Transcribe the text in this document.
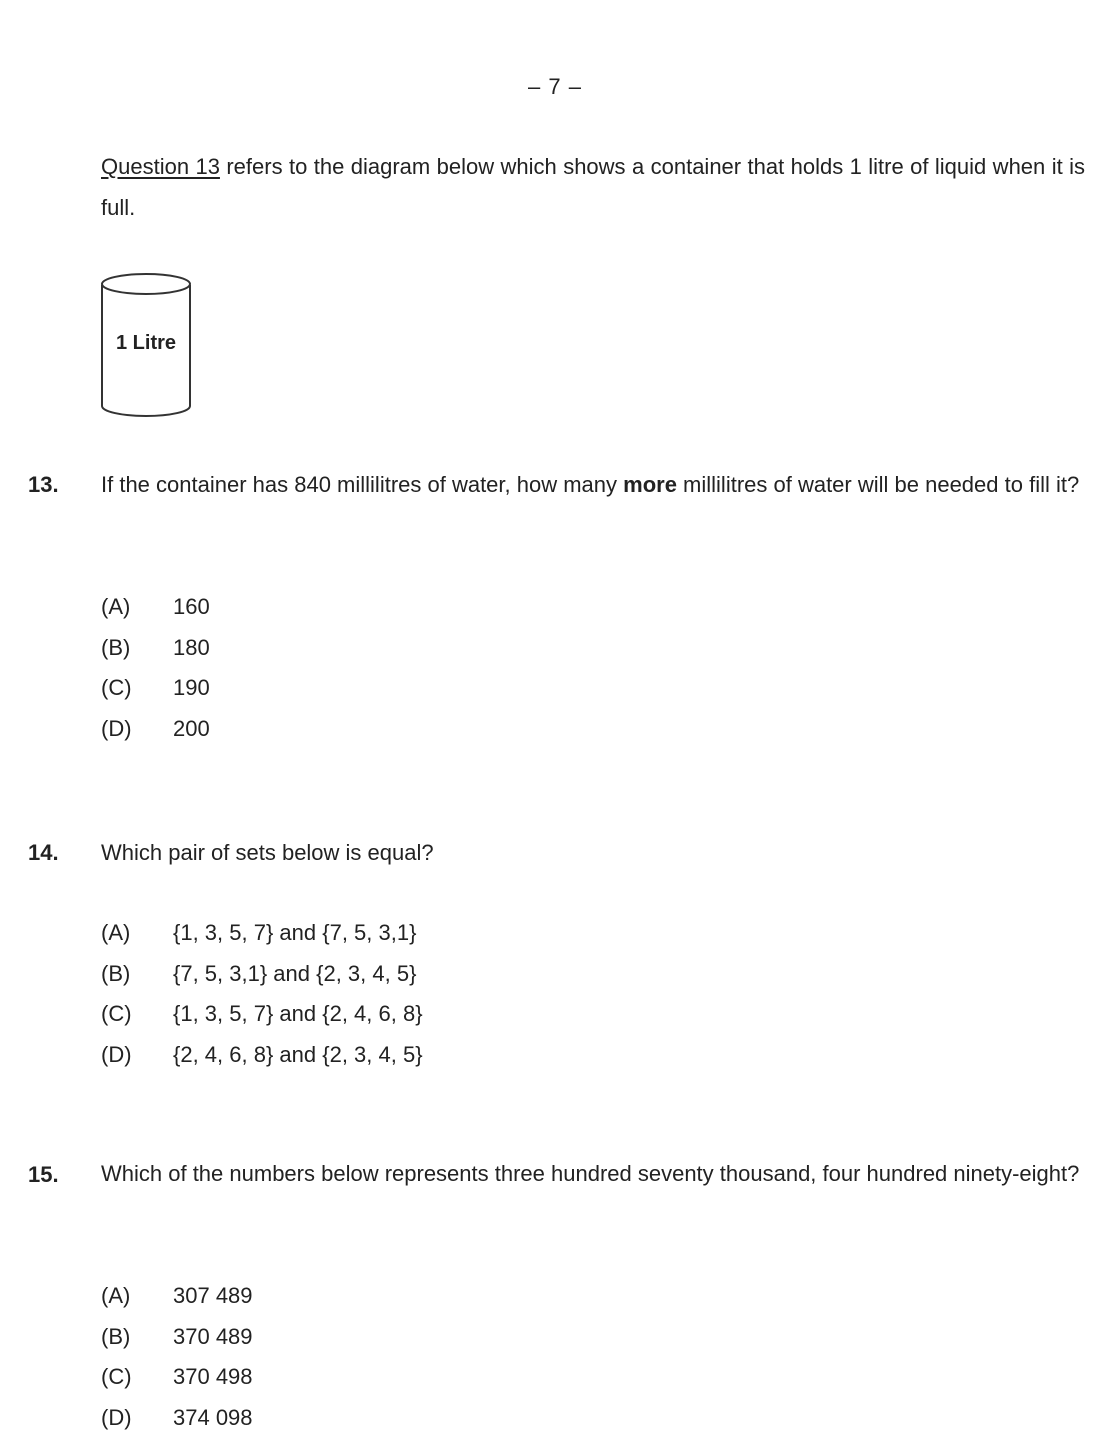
– 7 –
Question 13 refers to the diagram below which shows a container that holds 1 litre of liquid when it is full.
1 Litre
13. If the container has 840 millilitres of water, how many more millilitres of water will be needed to fill it?
(A) 160
(B) 180
(C) 190
(D) 200
14. Which pair of sets below is equal?
(A) {1, 3, 5, 7} and {7, 5, 3,1}
(B) {7, 5, 3,1} and {2, 3, 4, 5}
(C) {1, 3, 5, 7} and {2, 4, 6, 8}
(D) {2, 4, 6, 8} and {2, 3, 4, 5}
15. Which of the numbers below represents three hundred seventy thousand, four hundred ninety-eight?
(A) 307 489
(B) 370 489
(C) 370 498
(D) 374 098
